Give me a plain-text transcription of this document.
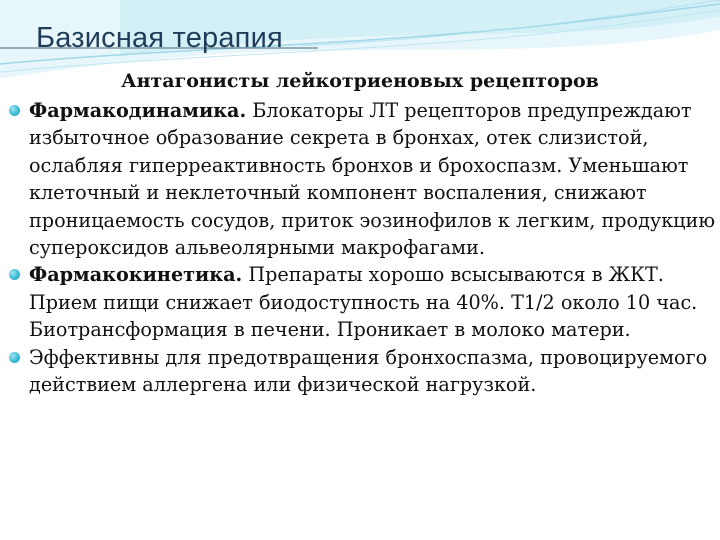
Базисная терапия
Антагонисты лейкотриеновых рецепторов
Фармакодинамика. Блокаторы ЛТ рецепторов предупреждают избыточное образование секрета в бронхах, отек слизистой, ослабляя гиперреактивность бронхов и брохоспазм. Уменьшают клеточный и неклеточный компонент воспаления, снижают проницаемость сосудов, приток эозинофилов к легким, продукцию супероксидов альвеолярными макрофагами.
Фармакокинетика. Препараты хорошо всысываются в ЖКТ. Прием пищи снижает биодоступность на 40%. Т1/2 около 10 час. Биотрансформация в печени. Проникает в молоко матери.
Эффективны для предотвращения бронхоспазма, провоцируемого действием аллергена или физической нагрузкой.
